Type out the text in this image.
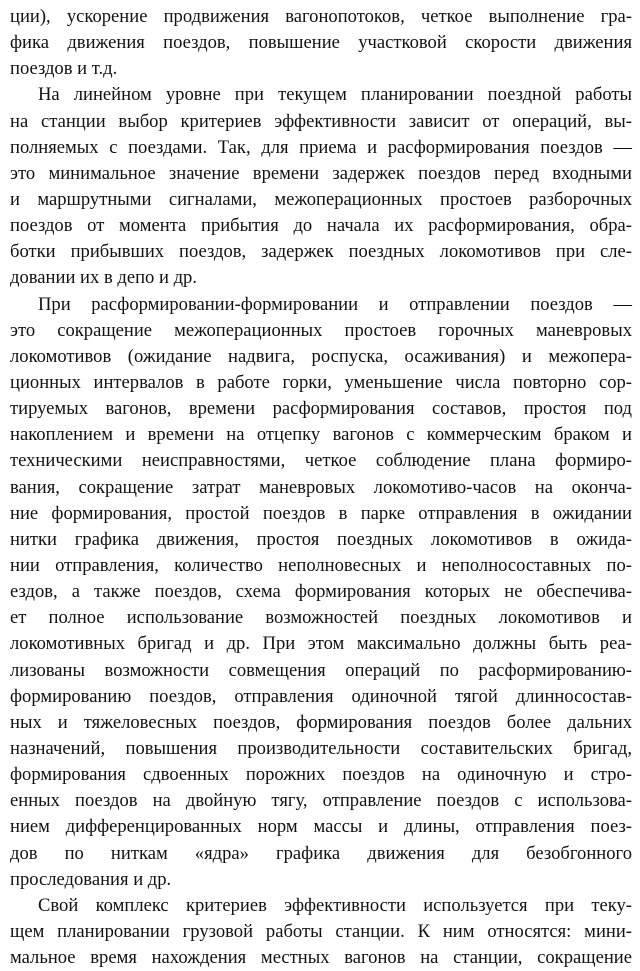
ции), ускорение продвижения вагонопотоков, четкое выполнение гра-
фика движения поездов, повышение участковой скорости движения
поездов и т.д.
На линейном уровне при текущем планировании поездной работы
на станции выбор критериев эффективности зависит от операций, вы-
полняемых с поездами. Так, для приема и расформирования поездов —
это минимальное значение времени задержек поездов перед входными
и маршрутными сигналами, межоперационных простоев разборочных
поездов от момента прибытия до начала их расформирования, обра-
ботки прибывших поездов, задержек поездных локомотивов при сле-
довании их в депо и др.
При расформировании-формировании и отправлении поездов —
это сокращение межоперационных простоев горочных маневровых
локомотивов (ожидание надвига, роспуска, осаживания) и межопера-
ционных интервалов в работе горки, уменьшение числа повторно сор-
тируемых вагонов, времени расформирования составов, простоя под
накоплением и времени на отцепку вагонов с коммерческим браком и
техническими неисправностями, четкое соблюдение плана формиро-
вания, сокращение затрат маневровых локомотиво-часов на оконча-
ние формирования, простой поездов в парке отправления в ожидании
нитки графика движения, простоя поездных локомотивов в ожида-
нии отправления, количество неполновесных и неполносоставных по-
ездов, а также поездов, схема формирования которых не обеспечива-
ет полное использование возможностей поездных локомотивов и
локомотивных бригад и др. При этом максимально должны быть реа-
лизованы возможности совмещения операций по расформированию-
формированию поездов, отправления одиночной тягой длинносостав-
ных и тяжеловесных поездов, формирования поездов более дальних
назначений, повышения производительности составительских бригад,
формирования сдвоенных порожних поездов на одиночную и стро-
енных поездов на двойную тягу, отправление поездов с использова-
нием дифференцированных норм массы и длины, отправления поез-
дов по ниткам «ядра» графика движения для безобгонного
проследования и др.
Свой комплекс критериев эффективности используется при теку-
щем планировании грузовой работы станции. К ним относятся: мини-
мальное время нахождения местных вагонов на станции, сокращение
